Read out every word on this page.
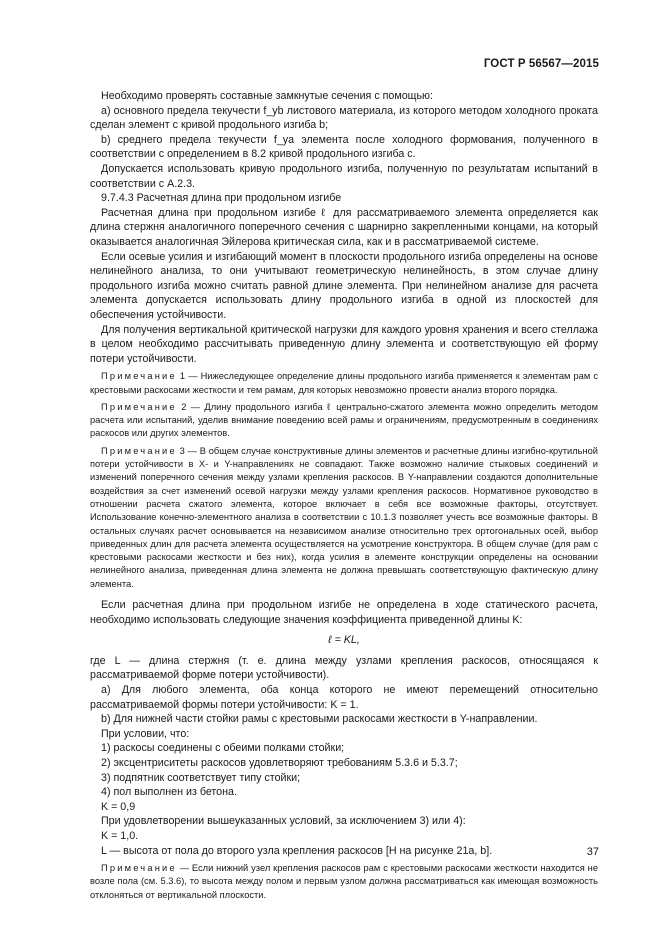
ГОСТ Р 56567—2015

Необходимо проверять составные замкнутые сечения с помощью:

a) основного предела текучести f_yb листового материала, из которого методом холодного проката сделан элемент с кривой продольного изгиба b;

b) среднего предела текучести f_ya элемента после холодного формования, полученного в соответствии с определением в 8.2 кривой продольного изгиба c.

Допускается использовать кривую продольного изгиба, полученную по результатам испытаний в соответствии с А.2.3.

9.7.4.3 Расчетная длина при продольном изгибе

Расчетная длина при продольном изгибе ℓ для рассматриваемого элемента определяется как длина стержня аналогичного поперечного сечения с шарнирно закрепленными концами, на который оказывается аналогичная Эйлерова критическая сила, как и в рассматриваемой системе.

Если осевые усилия и изгибающий момент в плоскости продольного изгиба определены на основе нелинейного анализа, то они учитывают геометрическую нелинейность, в этом случае длину продольного изгиба можно считать равной длине элемента. При нелинейном анализе для расчета элемента допускается использовать длину продольного изгиба в одной из плоскостей для обеспечения устойчивости.

Для получения вертикальной критической нагрузки для каждого уровня хранения и всего стеллажа в целом необходимо рассчитывать приведенную длину элемента и соответствующую ей форму потери устойчивости.

Примечание 1 — Нижеследующее определение длины продольного изгиба применяется к элементам рам с крестовыми раскосами жесткости и тем рамам, для которых невозможно провести анализ второго порядка.

Примечание 2 — Длину продольного изгиба ℓ центрально-сжатого элемента можно определить методом расчета или испытаний, уделив внимание поведению всей рамы и ограничениям, предусмотренным в соединениях раскосов или других элементов.

Примечание 3 — В общем случае конструктивные длины элементов и расчетные длины изгибно-крутильной потери устойчивости в X- и Y-направлениях не совпадают. Также возможно наличие стыковых соединений и изменений поперечного сечения между узлами крепления раскосов. В Y-направлении создаются дополнительные воздействия за счет изменений осевой нагрузки между узлами крепления раскосов. Нормативное руководство в отношении расчета сжатого элемента, которое включает в себя все возможные факторы, отсутствует. Использование конечно-элементного анализа в соответствии с 10.1.3 позволяет учесть все возможные факторы. В остальных случаях расчет основывается на независимом анализе относительно трех ортогональных осей, выбор приведенных длин для расчета элемента осуществляется на усмотрение конструктора. В общем случае (для рам с крестовыми раскосами жесткости и без них), когда усилия в элементе конструкции определены на основании нелинейного анализа, приведенная длина элемента не должна превышать соответствующую фактическую длину элемента.

Если расчетная длина при продольном изгибе не определена в ходе статического расчета, необходимо использовать следующие значения коэффициента приведенной длины K:

ℓ = KL,

где L — длина стержня (т. е. длина между узлами крепления раскосов, относящаяся к рассматриваемой форме потери устойчивости).

a) Для любого элемента, оба конца которого не имеют перемещений относительно рассматриваемой формы потери устойчивости: K = 1.

b) Для нижней части стойки рамы с крестовыми раскосами жесткости в Y-направлении.

При условии, что:

1) раскосы соединены с обеими полками стойки;

2) эксцентриситеты раскосов удовлетворяют требованиям 5.3.6 и 5.3.7;

3) подпятник соответствует типу стойки;

4) пол выполнен из бетона.

K = 0,9

При удовлетворении вышеуказанных условий, за исключением 3) или 4):

K = 1,0.

L — высота от пола до второго узла крепления раскосов [H на рисунке 21a, b].

Примечание — Если нижний узел крепления раскосов рам с крестовыми раскосами жесткости находится не возле пола (см. 5.3.6), то высота между полом и первым узлом должна рассматриваться как имеющая возможность отклоняться от вертикальной плоскости.

37
